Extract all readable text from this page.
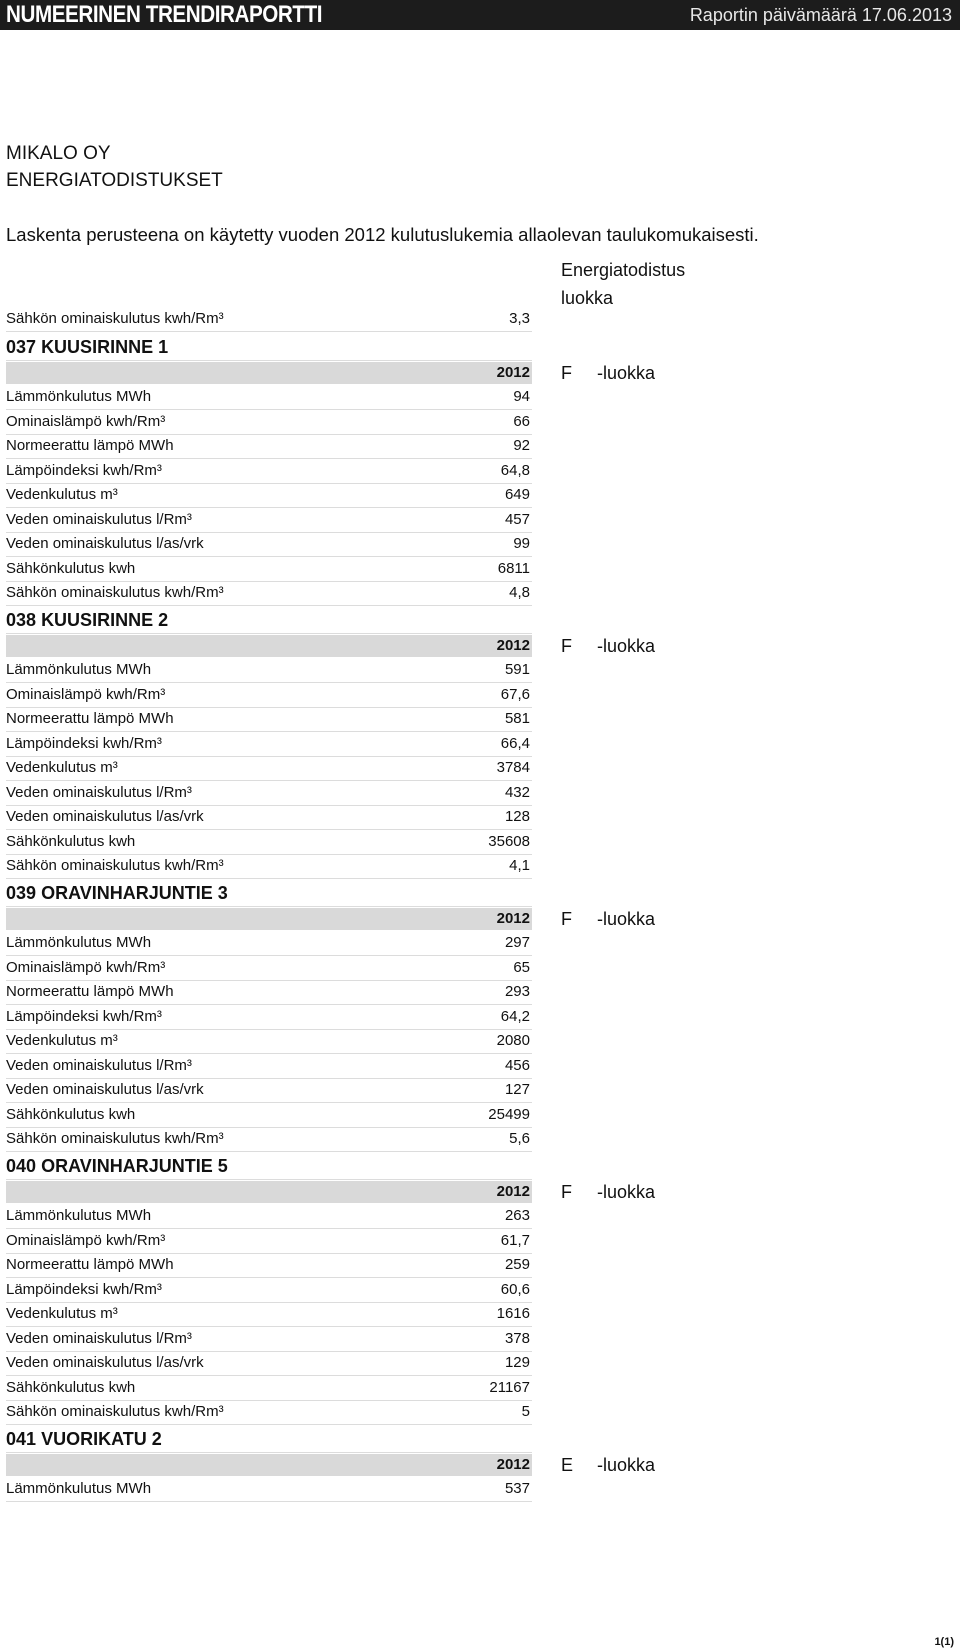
NUMEERINEN TRENDIRAPORTTI	Raportin päivämäärä 17.06.2013
MIKALO OY
ENERGIATODISTUKSET
Laskenta perusteena on käytetty vuoden 2012 kulutuslukemia allaolevan taulukomukaisesti.
Energiatodistus
luokka
Sähkön ominaiskulutus kwh/Rm³	3,3
037 KUUSIRINNE 1
2012 F -luokka
Lämmönkulutus MWh	94
Ominaislämpö kwh/Rm³	66
Normeerattu lämpö MWh	92
Lämpöindeksi kwh/Rm³	64,8
Vedenkulutus m³	649
Veden ominaiskulutus l/Rm³	457
Veden ominaiskulutus l/as/vrk	99
Sähkönkulutus kwh	6811
Sähkön ominaiskulutus kwh/Rm³	4,8
038 KUUSIRINNE 2
2012 F -luokka
Lämmönkulutus MWh	591
Ominaislämpö kwh/Rm³	67,6
Normeerattu lämpö MWh	581
Lämpöindeksi kwh/Rm³	66,4
Vedenkulutus m³	3784
Veden ominaiskulutus l/Rm³	432
Veden ominaiskulutus l/as/vrk	128
Sähkönkulutus kwh	35608
Sähkön ominaiskulutus kwh/Rm³	4,1
039 ORAVINHARJUNTIE 3
2012 F -luokka
Lämmönkulutus MWh	297
Ominaislämpö kwh/Rm³	65
Normeerattu lämpö MWh	293
Lämpöindeksi kwh/Rm³	64,2
Vedenkulutus m³	2080
Veden ominaiskulutus l/Rm³	456
Veden ominaiskulutus l/as/vrk	127
Sähkönkulutus kwh	25499
Sähkön ominaiskulutus kwh/Rm³	5,6
040 ORAVINHARJUNTIE 5
2012 F -luokka
Lämmönkulutus MWh	263
Ominaislämpö kwh/Rm³	61,7
Normeerattu lämpö MWh	259
Lämpöindeksi kwh/Rm³	60,6
Vedenkulutus m³	1616
Veden ominaiskulutus l/Rm³	378
Veden ominaiskulutus l/as/vrk	129
Sähkönkulutus kwh	21167
Sähkön ominaiskulutus kwh/Rm³	5
041 VUORIKATU 2
2012 E -luokka
Lämmönkulutus MWh	537
1(1)
